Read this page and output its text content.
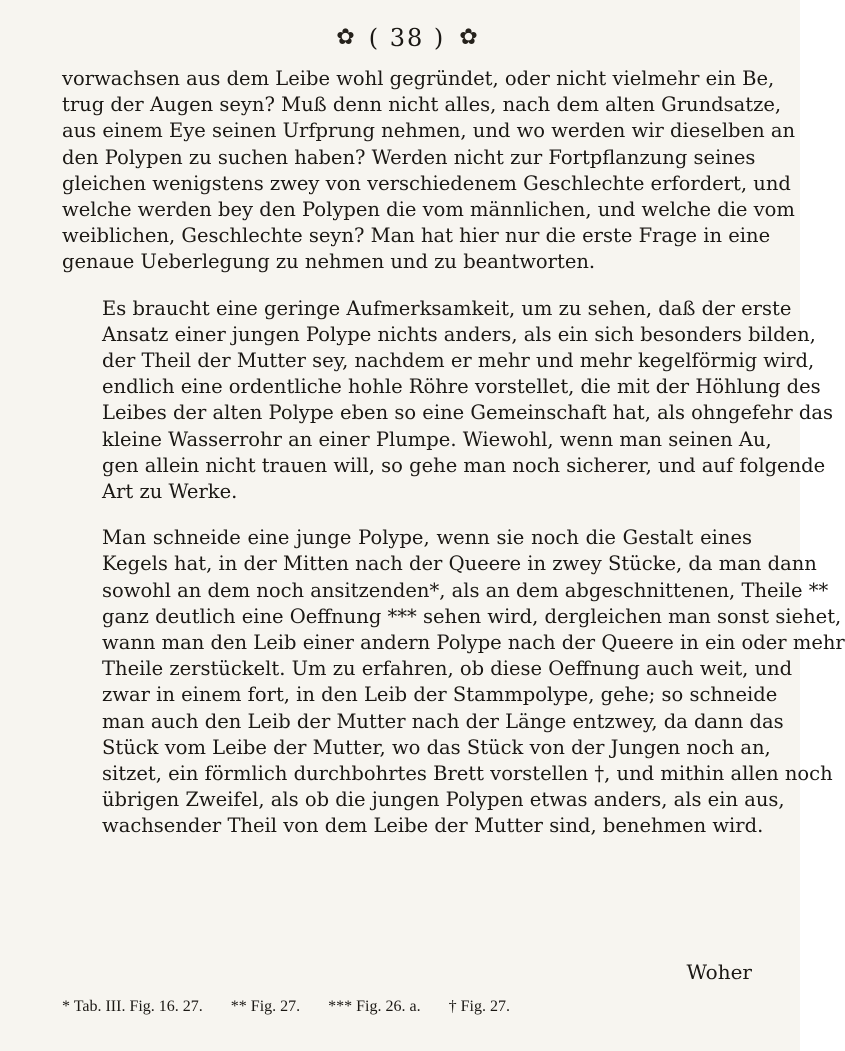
✿ ( 38 ) ✿

vorwachsen aus dem Leibe wohl gegründet, oder nicht vielmehr ein Be,
trug der Augen seyn? Muß denn nicht alles, nach dem alten Grundsatze,
aus einem Eye seinen Urfprung nehmen, und wo werden wir dieselben an
den Polypen zu suchen haben? Werden nicht zur Fortpflanzung seines
gleichen wenigstens zwey von verschiedenem Geschlechte erfordert, und
welche werden bey den Polypen die vom männlichen, und welche die vom
weiblichen, Geschlechte seyn? Man hat hier nur die erste Frage in eine
genaue Ueberlegung zu nehmen und zu beantworten.

Es braucht eine geringe Aufmerksamkeit, um zu sehen, daß der erste
Ansatz einer jungen Polype nichts anders, als ein sich besonders bilden,
der Theil der Mutter sey, nachdem er mehr und mehr kegelförmig wird,
endlich eine ordentliche hohle Röhre vorstellet, die mit der Höhlung des
Leibes der alten Polype eben so eine Gemeinschaft hat, als ohngefehr das
kleine Wasserrohr an einer Plumpe. Wiewohl, wenn man seinen Au,
gen allein nicht trauen will, so gehe man noch sicherer, und auf folgende
Art zu Werke.

Man schneide eine junge Polype, wenn sie noch die Gestalt eines
Kegels hat, in der Mitten nach der Queere in zwey Stücke, da man dann
sowohl an dem noch ansitzenden*, als an dem abgeschnittenen, Theile **
ganz deutlich eine Oeffnung *** sehen wird, dergleichen man sonst siehet,
wann man den Leib einer andern Polype nach der Queere in ein oder mehr
Theile zerstückelt. Um zu erfahren, ob diese Oeffnung auch weit, und
zwar in einem fort, in den Leib der Stammpolype, gehe; so schneide
man auch den Leib der Mutter nach der Länge entzwey, da dann das
Stück vom Leibe der Mutter, wo das Stück von der Jungen noch an,
sitzet, ein förmlich durchbohrtes Brett vorstellen †, und mithin allen noch
übrigen Zweifel, als ob die jungen Polypen etwas anders, als ein aus,
wachsender Theil von dem Leibe der Mutter sind, benehmen wird.

Woher
* Tab. III. Fig. 16. 27. ** Fig. 27. *** Fig. 26. a. † Fig. 27.
